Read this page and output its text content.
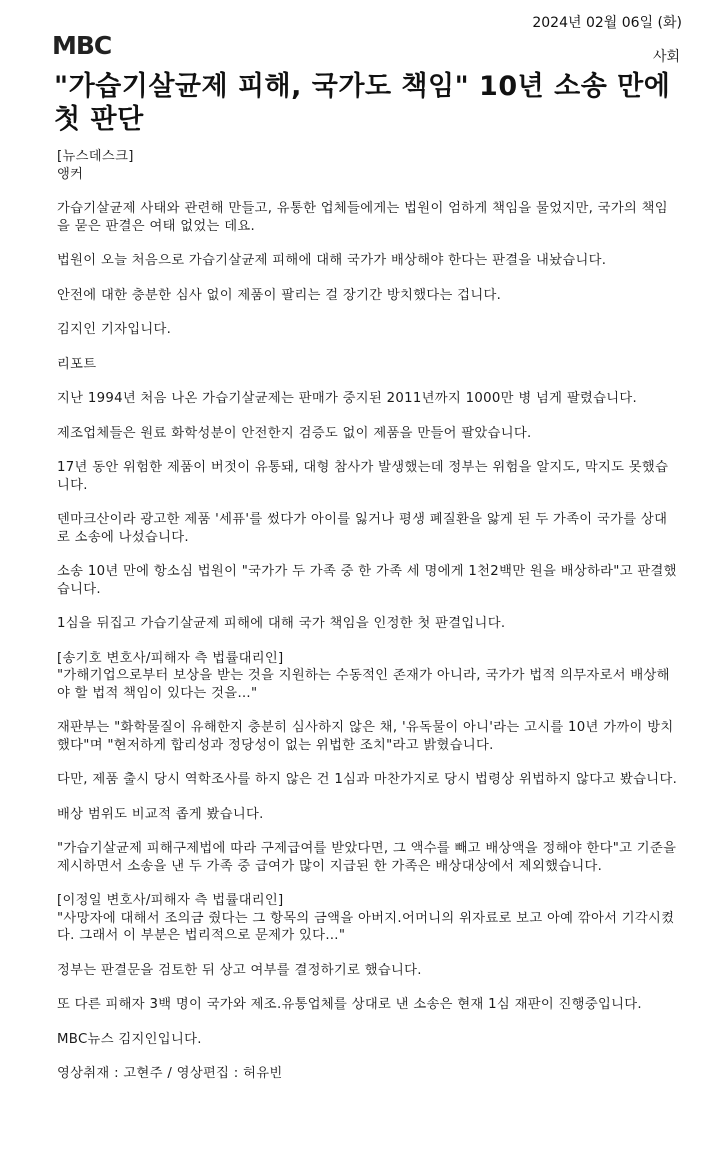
2024년 02월 06일 (화)
사회
MBC
"가습기살균제 피해, 국가도 책임" 10년 소송 만에 첫 판단

[뉴스데스크]

앵커

가습기살균제 사태와 관련해 만들고, 유통한 업체들에게는 법원이 엄하게 책임을 물었지만, 국가의 책임을 묻은 판결은 여태 없었는 데요.

법원이 오늘 처음으로 가습기살균제 피해에 대해 국가가 배상해야 한다는 판결을 내놨습니다.

안전에 대한 충분한 심사 없이 제품이 팔리는 걸 장기간 방치했다는 겁니다.

김지인 기자입니다.

리포트

지난 1994년 처음 나온 가습기살균제는 판매가 중지된 2011년까지 1000만 병 넘게 팔렸습니다.

제조업체들은 원료 화학성분이 안전한지 검증도 없이 제품을 만들어 팔았습니다.

17년 동안 위험한 제품이 버젓이 유통돼, 대형 참사가 발생했는데 정부는 위험을 알지도, 막지도 못했습니다.

덴마크산이라 광고한 제품 '세퓨'를 썼다가 아이를 잃거나 평생 폐질환을 앓게 된 두 가족이 국가를 상대로 소송에 나섰습니다.

소송 10년 만에 항소심 법원이 "국가가 두 가족 중 한 가족 세 명에게 1천2백만 원을 배상하라"고 판결했습니다.

1심을 뒤집고 가습기살균제 피해에 대해 국가 책임을 인정한 첫 판결입니다.

[송기호 변호사/피해자 측 법률대리인]

"가해기업으로부터 보상을 받는 것을 지원하는 수동적인 존재가 아니라, 국가가 법적 의무자로서 배상해야 할 법적 책임이 있다는 것을…"

재판부는 "화학물질이 유해한지 충분히 심사하지 않은 채, '유독물이 아니'라는 고시를 10년 가까이 방치했다"며 "현저하게 합리성과 정당성이 없는 위법한 조치"라고 밝혔습니다.

다만, 제품 출시 당시 역학조사를 하지 않은 건 1심과 마찬가지로 당시 법령상 위법하지 않다고 봤습니다.

배상 범위도 비교적 좁게 봤습니다.

"가습기살균제 피해구제법에 따라 구제급여를 받았다면, 그 액수를 빼고 배상액을 정해야 한다"고 기준을 제시하면서 소송을 낸 두 가족 중 급여가 많이 지급된 한 가족은 배상대상에서 제외했습니다.

[이정일 변호사/피해자 측 법률대리인]

"사망자에 대해서 조의금 줬다는 그 항목의 금액을 아버지.어머니의 위자료로 보고 아예 깎아서 기각시켰다. 그래서 이 부분은 법리적으로 문제가 있다…"

정부는 판결문을 검토한 뒤 상고 여부를 결정하기로 했습니다.

또 다른 피해자 3백 명이 국가와 제조.유통업체를 상대로 낸 소송은 현재 1심 재판이 진행중입니다.

MBC뉴스 김지인입니다.

영상취재 : 고현주 / 영상편집 : 허유빈
